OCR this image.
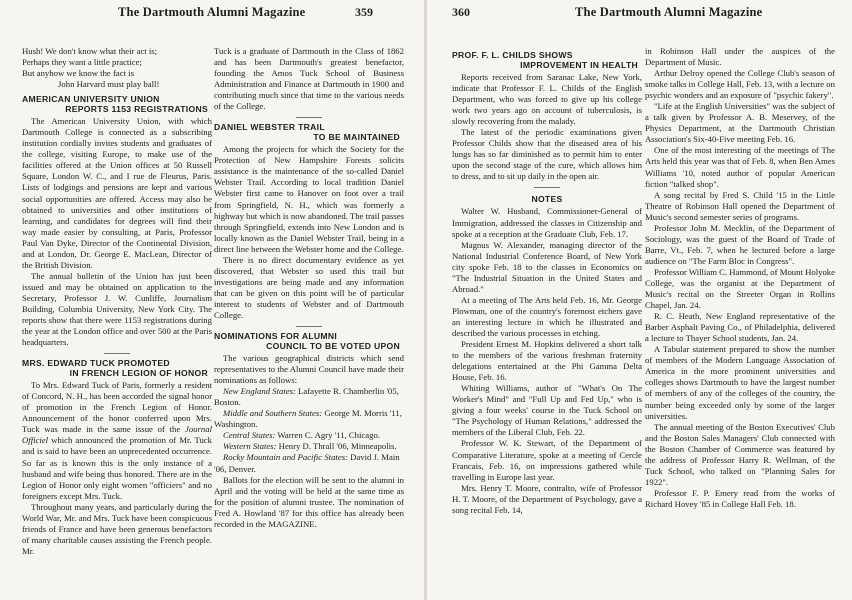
The Dartmouth Alumni Magazine	359

Hush! We don't know what their act is;
Perhaps they want a little practice;
But anyhow we know the fact is
John Harvard must play ball!

AMERICAN UNIVERSITY UNION
REPORTS 1153 REGISTRATIONS

The American University Union, with which Dartmouth College is connected as a subscribing institution cordially invites students and graduates of the college, visiting Europe, to make use of the facilities offered at the Union offices at 50 Russell Square, London W. C., and I rue de Fleurus, Paris. Lists of lodgings and pensions are kept and various social opportunities are offered. Access may also be obtained to universities and other institutions of learning, and candidates for degrees will find their way made easier by consulting, at Paris, Professor Paul Van Dyke, Director of the Continental Division, and at London, Dr. George E. MacLean, Director of the British Division.

The annual bulletin of the Union has just been issued and may be obtained on application to the Secretary, Professor J. W. Cunliffe, Journalism Building, Columbia University, New York City. The reports show that there were 1153 registrations during the year at the London office and over 500 at the Paris headquarters.

MRS. EDWARD TUCK PROMOTED
IN FRENCH LEGION OF HONOR

To Mrs. Edward Tuck of Paris, formerly a resident of Concord, N. H., has been accorded the signal honor of promotion in the French Legion of Honor. Announcement of the honor conferred upon Mrs. Tuck was made in the same issue of the Journal Officiel which announced the promotion of Mr. Tuck and is said to have been an unprecedented occurrence. So far as is known this is the only instance of a husband and wife being thus honored. There are in the Legion of Honor only eight women "officiers" and no foreigners except Mrs. Tuck.

Throughout many years, and particularly during the World War, Mr. and Mrs. Tuck have been conspicuous friends of France and have been generous benefactors of many charitable causes assisting the French people. Mr.

Tuck is a graduate of Dartmouth in the Class of 1862 and has been Dartmouth's greatest benefactor, founding the Amos Tuck School of Business Administration and Finance at Dartmouth in 1900 and contributing much since that time to the various needs of the College.

DANIEL WEBSTER TRAIL
TO BE MAINTAINED

Among the projects for which the Society for the Protection of New Hampshire Forests solicits assistance is the maintenance of the so-called Daniel Webster Trail. According to local tradition Daniel Webster first came to Hanover on foot over a trail from Springfield, N. H., which was formerly a highway but which is now abandoned. The trail passes through Springfield, extends into New London and is locally known as the Daniel Webster Trail, being in a direct line between the Webster home and the College.

There is no direct documentary evidence as yet discovered, that Webster so used this trail but investigations are being made and any information that can be given on this point will be of particular interest to students of Webster and of Dartmouth College.

NOMINATIONS FOR ALUMNI
COUNCIL TO BE VOTED UPON

The various geographical districts which send representatives to the Alumni Council have made their nominations as follows:

New England States: Lafayette R. Chamberlin '05, Boston.

Middle and Southern States: George M. Morris '11, Washington.

Central States: Warren C. Agry '11, Chicago.

Western States: Henry D. Thrall '06, Minneapolis.

Rocky Mountain and Pacific States: David J. Main '06, Denver.

Ballots for the election will be sent to the alumni in April and the voting will be held at the same time as for the position of alumni trustee. The nomination of Fred A. Howland '87 for this office has already been recorded in the MAGAZINE.

360	The Dartmouth Alumni Magazine
PROF. F. L. CHILDS SHOWS
IMPROVEMENT IN HEALTH

Reports received from Saranac Lake, New York, indicate that Professor F. L. Childs of the English Department, who was forced to give up his college work two years ago on account of tuberculosis, is slowly recovering from the malady.

The latest of the periodic examinations given Professor Childs show that the diseased area of his lungs has so far diminished as to permit him to enter upon the second stage of the cure, which allows him to dress, and to sit up daily in the open air.

NOTES

Walter W. Husband, Commissioner-General of Immigration, addressed the classes in Citizenship and spoke at a reception at the Graduate Club, Feb. 17.

Magnus W. Alexander, managing director of the National Industrial Conference Board, of New York city spoke Feb. 18 to the classes in Economics on "The Industrial Situation in the United States and Abroad."

At a meeting of The Arts held Feb. 16, Mr. George Plowman, one of the country's foremost etchers gave an interesting lecture in which he illustrated and described the various processes in etching.

President Ernest M. Hopkins delivered a short talk to the members of the various freshman fraternity delegations entertained at the Phi Gamma Delta House, Feb. 16.

Whiting Williams, author of "What's On The Worker's Mind" and "Full Up and Fed Up," who is giving a four weeks' course in the Tuck School on "The Psychology of Human Relations," addressed the members of the Liberal Club, Feb. 22.

Professor W. K. Stewart, of the Department of Comparative Literature, spoke at a meeting of Cercle Francais, Feb. 16, on impressions gathered while travelling in Europe last year.

Mrs. Henry T. Moore, contralto, wife of Professor H. T. Moore, of the Department of Psychology, gave a song recital Feb. 14,

in Robinson Hall under the auspices of the Department of Music.

Arthur Delroy opened the College Club's season of smoke talks in College Hall, Feb. 13, with a lecture on psychic wonders and an exposure of "psychic fakery".

"Life at the English Universities" was the subject of a talk given by Professor A. B. Meservey, of the Physics Department, at the Dartmouth Christian Association's Six-40-Five meeting Feb. 16.

One of the most interesting of the meetings of The Arts held this year was that of Feb. 8, when Ben Ames Williams '10, noted author of popular American fiction "talked shop".

A song recital by Fred S. Child '15 in the Little Theatre of Robinson Hall opened the Department of Music's second semester series of programs.

Professor John M. Mecklin, of the Department of Sociology, was the guest of the Board of Trade of Barre, Vt., Feb. 7, when he lectured before a large audience on "The Farm Bloc in Congress".

Professor William C. Hammond, of Mount Holyoke College, was the organist at the Department of Music's recital on the Streeter Organ in Rollins Chapel, Jan. 24.

R. C. Heath, New England representative of the Barber Asphalt Paving Co., of Philadelphia, delivered a lecture to Thayer School students, Jan. 24.

A Tabular statement prepared to show the number of members of the Modern Language Association of America in the more prominent universities and colleges shows Dartmouth to have the largest number of members of any of the colleges of the country, the number being exceeded only by some of the larger universities.

The annual meeting of the Boston Executives' Club and the Boston Sales Managers' Club connected with the Boston Chamber of Commerce was featured by the address of Professor Harry R. Wellman, of the Tuck School, who talked on "Planning Sales for 1922".

Professor F. P. Emery read from the works of Richard Hovey '85 in College Hall Feb. 18.
